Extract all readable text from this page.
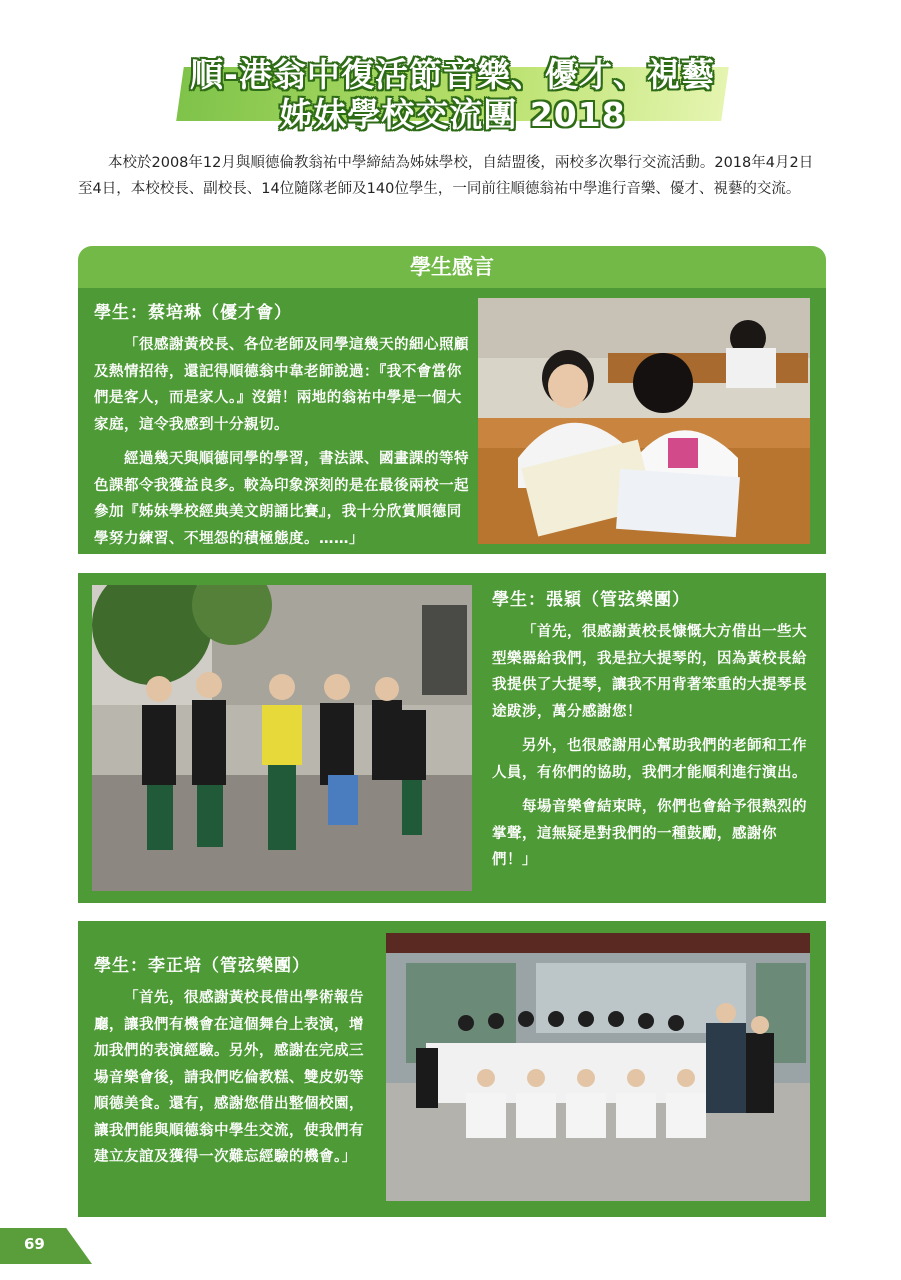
順-港翁中復活節音樂、優才、視藝
姊妹學校交流團 2018
本校於2008年12月與順德倫教翁祐中學締結為姊妹學校，自結盟後，兩校多次舉行交流活動。2018年4月2日至4日，本校校長、副校長、14位隨隊老師及140位學生，一同前往順德翁祐中學進行音樂、優才、視藝的交流。
學生感言
學生：蔡培琳（優才會）

「很感謝黃校長、各位老師及同學這幾天的細心照顧及熱情招待，還記得順德翁中韋老師說過：『我不會當你們是客人，而是家人。』沒錯！兩地的翁祐中學是一個大家庭，這令我感到十分親切。

經過幾天與順德同學的學習，書法課、國畫課的等特色課都令我獲益良多。較為印象深刻的是在最後兩校一起參加『姊妹學校經典美文朗誦比賽』，我十分欣賞順德同學努力練習、不埋怨的積極態度。……」

學生：張穎（管弦樂團）

「首先，很感謝黃校長慷慨大方借出一些大型樂器給我們，我是拉大提琴的，因為黃校長給我提供了大提琴，讓我不用背著笨重的大提琴長途跋涉，萬分感謝您！

另外，也很感謝用心幫助我們的老師和工作人員，有你們的協助，我們才能順利進行演出。

每場音樂會結束時，你們也會給予很熱烈的掌聲，這無疑是對我們的一種鼓勵，感謝你們！」

學生：李正培（管弦樂團）

「首先，很感謝黃校長借出學術報告廳，讓我們有機會在這個舞台上表演，增加我們的表演經驗。另外，感謝在完成三場音樂會後，請我們吃倫教糕、雙皮奶等順德美食。還有，感謝您借出整個校園，讓我們能與順德翁中學生交流，使我們有建立友誼及獲得一次難忘經驗的機會。」

69
